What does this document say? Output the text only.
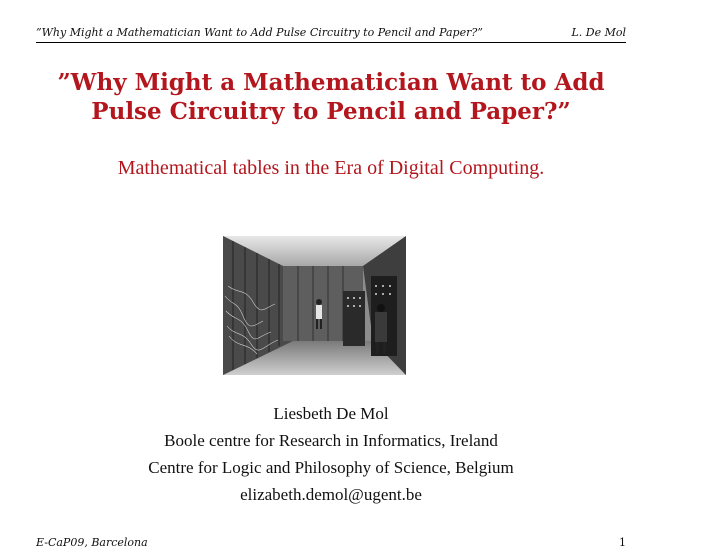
”Why Might a Mathematician Want to Add Pulse Circuitry to Pencil and Paper?”	L. De Mol
”Why Might a Mathematician Want to Add Pulse Circuitry to Pencil and Paper?”
Mathematical tables in the Era of Digital Computing.
Liesbeth De Mol
Boole centre for Research in Informatics, Ireland
Centre for Logic and Philosophy of Science, Belgium
elizabeth.demol@ugent.be
E-CaP09, Barcelona	1
